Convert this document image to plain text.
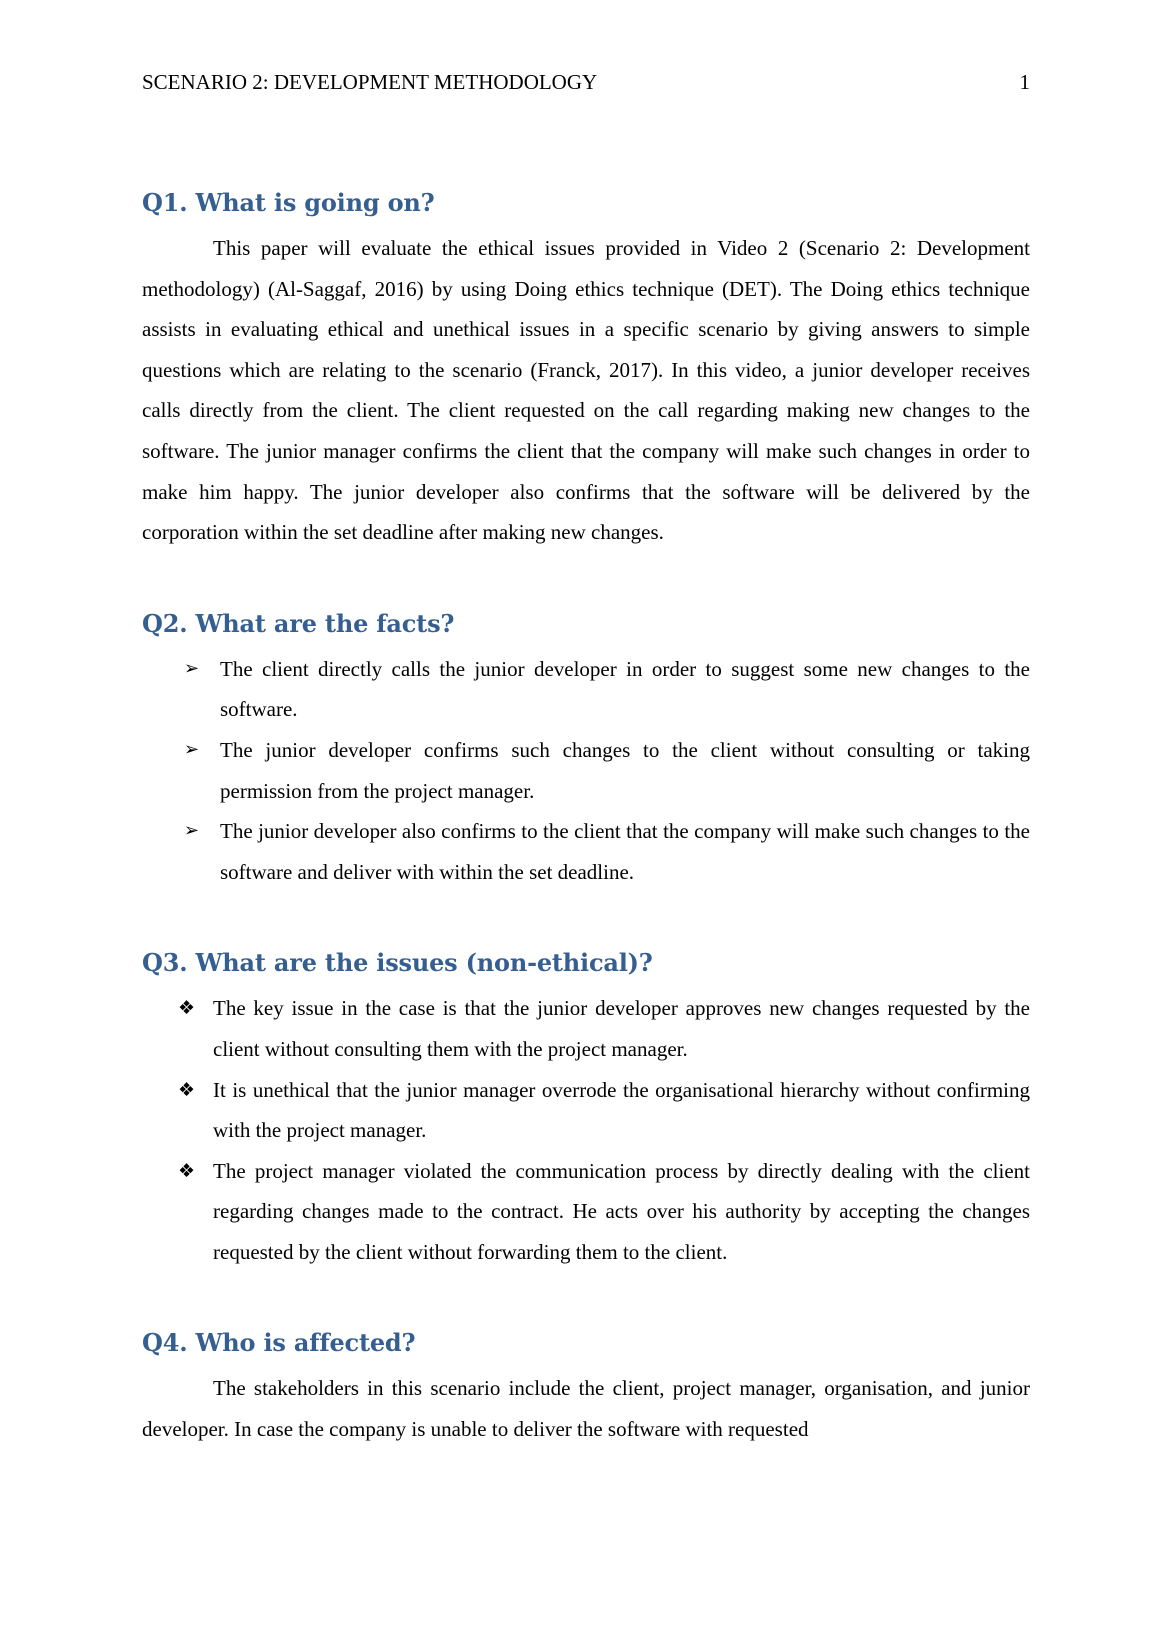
SCENARIO 2: DEVELOPMENT METHODOLOGY	1
Q1. What is going on?

This paper will evaluate the ethical issues provided in Video 2 (Scenario 2: Development methodology) (Al-Saggaf, 2016) by using Doing ethics technique (DET). The Doing ethics technique assists in evaluating ethical and unethical issues in a specific scenario by giving answers to simple questions which are relating to the scenario (Franck, 2017). In this video, a junior developer receives calls directly from the client. The client requested on the call regarding making new changes to the software. The junior manager confirms the client that the company will make such changes in order to make him happy. The junior developer also confirms that the software will be delivered by the corporation within the set deadline after making new changes.

Q2. What are the facts?
➢ The client directly calls the junior developer in order to suggest some new changes to the software.
➢ The junior developer confirms such changes to the client without consulting or taking permission from the project manager.
➢ The junior developer also confirms to the client that the company will make such changes to the software and deliver with within the set deadline.
Q3. What are the issues (non-ethical)?
❖ The key issue in the case is that the junior developer approves new changes requested by the client without consulting them with the project manager.
❖ It is unethical that the junior manager overrode the organisational hierarchy without confirming with the project manager.
❖ The project manager violated the communication process by directly dealing with the client regarding changes made to the contract. He acts over his authority by accepting the changes requested by the client without forwarding them to the client.
Q4. Who is affected?

The stakeholders in this scenario include the client, project manager, organisation, and junior developer. In case the company is unable to deliver the software with requested
